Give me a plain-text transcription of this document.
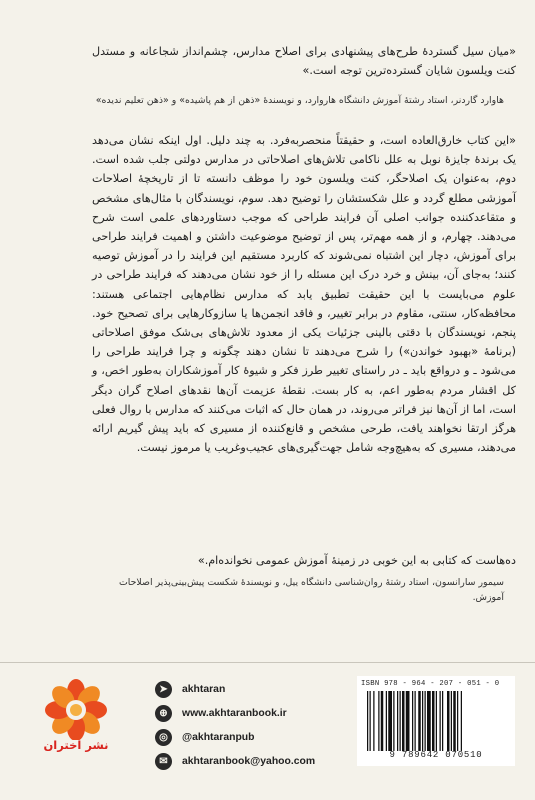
«میان سیل گستردهٔ طرح‌های پیشنهادی برای اصلاح مدارس، چشم‌انداز شجاعانه و مستدل کنت ویلسون شایان گسترده‌ترین توجه است.»
هاوارد گاردنر، استاد رشتهٔ آموزش دانشگاه هاروارد، و نویسندهٔ «ذهن از هم پاشیده» و «ذهن تعلیم ندیده»
«این کتاب خارق‌العاده است، و حقیقتاً منحصربه‌فرد. به چند دلیل. اول اینکه نشان می‌دهد یک برندهٔ جایزهٔ نوبل به علل ناکامی تلاش‌های اصلاحاتی در مدارس دولتی جلب شده است. دوم، به‌عنوان یک اصلاحگر، کنت ویلسون خود را موظف دانسته تا از تاریخچهٔ اصلاحات آموزشی مطلع گردد و علل شکستشان را توضیح دهد. سوم، نویسندگان با مثال‌های مشخص و متقاعدکننده جوانب اصلی آن فرایند طراحی که موجب دستاوردهای علمی است شرح می‌دهند. چهارم، و از همه مهم‌تر، پس از توضیح موضوعیت داشتن و اهمیت فرایند طراحی برای آموزش، دچار این اشتباه نمی‌شوند که کاربرد مستقیم این فرایند را در آموزش توصیه کنند؛ به‌جای آن، بینش و خرد درک این مسئله را از خود نشان می‌دهند که فرایند طراحی در علوم می‌بایست با این حقیقت تطبیق یابد که مدارس نظام‌هایی اجتماعی هستند: محافظه‌کار، سنتی، مقاوم در برابر تغییر، و فاقد انجمن‌ها یا سازوکارهایی برای تصحیح خود. پنجم، نویسندگان با دقتی بالینی جزئیات یکی از معدود تلاش‌های بی‌شک موفق اصلاحاتی (برنامهٔ «بهبود خواندن») را شرح می‌دهند تا نشان دهند چگونه و چرا فرایند طراحی را می‌شود ـ و درواقع باید ـ در راستای تغییر طرز فکر و شیوهٔ کار آموزشکاران به‌طور اخص، و کل اقشار مردم به‌طور اعم، به کار بست. نقطهٔ عزیمت آن‌ها نقدهای اصلاح گران دیگر است، اما از آن‌ها نیز فراتر می‌روند، در همان حال که اثبات می‌کنند که مدارس با روال فعلی هرگز ارتقا نخواهند یافت، طرحی مشخص و قانع‌کننده از مسیری که باید پیش گیریم ارائه می‌دهند، مسیری که به‌هیچ‌وجه شامل جهت‌گیری‌های عجیب‌وغریب یا مرموز نیست.
ده‌ها‌ست که کتابی به این خوبی در زمینهٔ آموزش عمومی نخوانده‌ام.»
سیمور سارانسون، استاد رشتهٔ روان‌شناسی دانشگاه ییل، و نویسندهٔ شکست پیش‌بینی‌پذیر اصلاحات آموزش.
نشر اختران
➤	akhtaran
⊕	www.akhtaranbook.ir
◎	@akhtaranpub
✉	akhtaranbook@yahoo.com
ISBN 978 - 964 - 207 - 051 - 0
9 789642 070510
